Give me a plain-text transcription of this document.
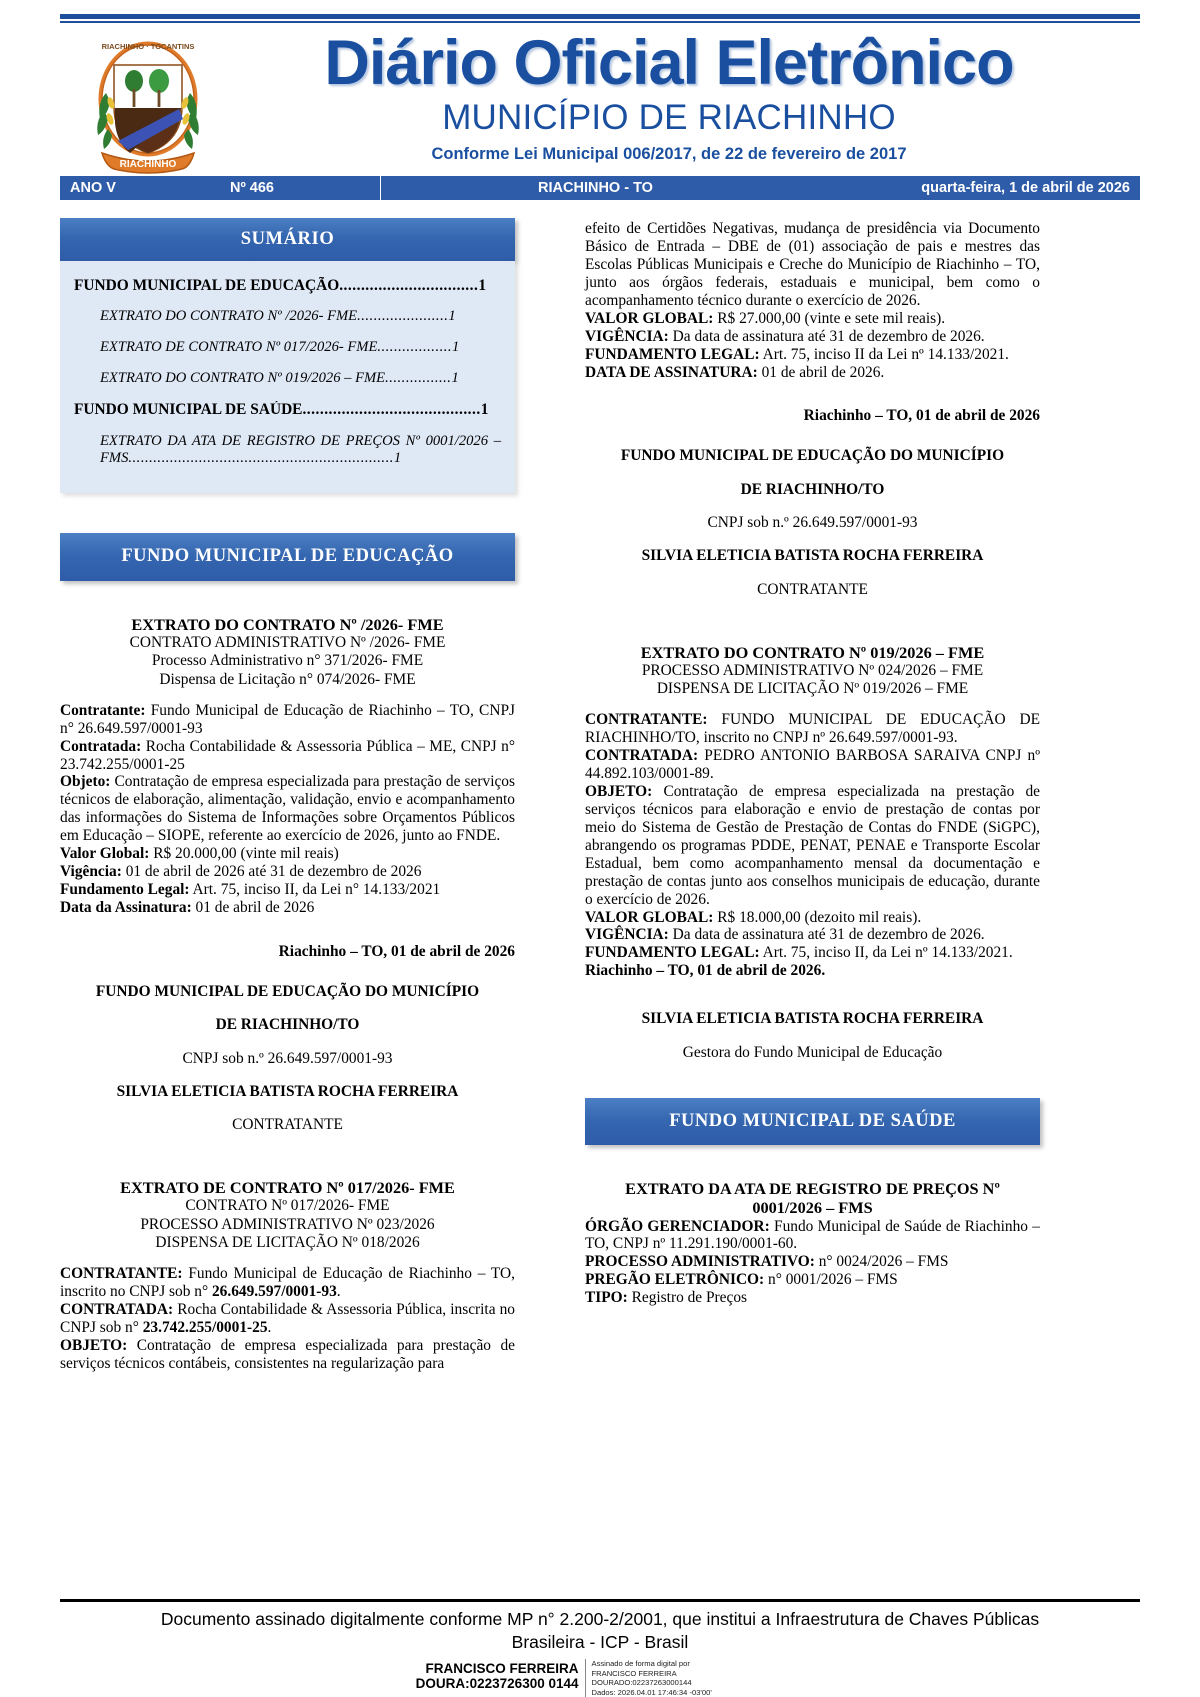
RIACHINHO
RIACHINHO · TOCANTINS	Diário Oficial Eletrônico
MUNICÍPIO DE RIACHINHO
Conforme Lei Municipal 006/2017, de 22 de fevereiro de 2017
ANO V	Nº 466	RIACHINHO - TO	quarta-feira, 1 de abril de 2026
SUMÁRIO
FUNDO MUNICIPAL DE EDUCAÇÃO................................1
EXTRATO DO CONTRATO Nº /2026- FME......................1
EXTRATO DE CONTRATO Nº 017/2026- FME..................1
EXTRATO DO CONTRATO Nº 019/2026 – FME................1
FUNDO MUNICIPAL DE SAÚDE.........................................1
EXTRATO DA ATA DE REGISTRO DE PREÇOS Nº 0001/2026 – FMS................................................................1
FUNDO MUNICIPAL DE EDUCAÇÃO
EXTRATO DO CONTRATO Nº /2026- FME

CONTRATO ADMINISTRATIVO Nº /2026- FME

Processo Administrativo n° 371/2026- FME

Dispensa de Licitação n° 074/2026- FME

Contratante: Fundo Municipal de Educação de Riachinho – TO, CNPJ n° 26.649.597/0001-93

Contratada: Rocha Contabilidade & Assessoria Pública – ME, CNPJ n° 23.742.255/0001-25

Objeto: Contratação de empresa especializada para prestação de serviços técnicos de elaboração, alimentação, validação, envio e acompanhamento das informações do Sistema de Informações sobre Orçamentos Públicos em Educação – SIOPE, referente ao exercício de 2026, junto ao FNDE.

Valor Global: R$ 20.000,00 (vinte mil reais)

Vigência: 01 de abril de 2026 até 31 de dezembro de 2026

Fundamento Legal: Art. 75, inciso II, da Lei n° 14.133/2021

Data da Assinatura: 01 de abril de 2026

Riachinho – TO, 01 de abril de 2026

FUNDO MUNICIPAL DE EDUCAÇÃO DO MUNICÍPIO

DE RIACHINHO/TO

CNPJ sob n.º 26.649.597/0001-93

SILVIA ELETICIA BATISTA ROCHA FERREIRA

CONTRATANTE

EXTRATO DE CONTRATO Nº 017/2026- FME

CONTRATO Nº 017/2026- FME

PROCESSO ADMINISTRATIVO Nº 023/2026

DISPENSA DE LICITAÇÃO Nº 018/2026

CONTRATANTE: Fundo Municipal de Educação de Riachinho – TO, inscrito no CNPJ sob n° 26.649.597/0001-93.

CONTRATADA: Rocha Contabilidade & Assessoria Pública, inscrita no CNPJ sob n° 23.742.255/0001-25.

OBJETO: Contratação de empresa especializada para prestação de serviços técnicos contábeis, consistentes na regularização para

efeito de Certidões Negativas, mudança de presidência via Documento Básico de Entrada – DBE de (01) associação de pais e mestres das Escolas Públicas Municipais e Creche do Município de Riachinho – TO, junto aos órgãos federais, estaduais e municipal, bem como o acompanhamento técnico durante o exercício de 2026.

VALOR GLOBAL: R$ 27.000,00 (vinte e sete mil reais).

VIGÊNCIA: Da data de assinatura até 31 de dezembro de 2026.

FUNDAMENTO LEGAL: Art. 75, inciso II da Lei nº 14.133/2021.

DATA DE ASSINATURA: 01 de abril de 2026.

Riachinho – TO, 01 de abril de 2026

FUNDO MUNICIPAL DE EDUCAÇÃO DO MUNICÍPIO

DE RIACHINHO/TO

CNPJ sob n.º 26.649.597/0001-93

SILVIA ELETICIA BATISTA ROCHA FERREIRA

CONTRATANTE

EXTRATO DO CONTRATO Nº 019/2026 – FME

PROCESSO ADMINISTRATIVO Nº 024/2026 – FME

DISPENSA DE LICITAÇÃO Nº 019/2026 – FME

CONTRATANTE: FUNDO MUNICIPAL DE EDUCAÇÃO DE RIACHINHO/TO, inscrito no CNPJ nº 26.649.597/0001-93.

CONTRATADA: PEDRO ANTONIO BARBOSA SARAIVA CNPJ nº 44.892.103/0001-89.

OBJETO: Contratação de empresa especializada na prestação de serviços técnicos para elaboração e envio de prestação de contas por meio do Sistema de Gestão de Prestação de Contas do FNDE (SiGPC), abrangendo os programas PDDE, PENAT, PENAE e Transporte Escolar Estadual, bem como acompanhamento mensal da documentação e prestação de contas junto aos conselhos municipais de educação, durante o exercício de 2026.

VALOR GLOBAL: R$ 18.000,00 (dezoito mil reais).

VIGÊNCIA: Da data de assinatura até 31 de dezembro de 2026.

FUNDAMENTO LEGAL: Art. 75, inciso II, da Lei nº 14.133/2021.

Riachinho – TO, 01 de abril de 2026.

SILVIA ELETICIA BATISTA ROCHA FERREIRA

Gestora do Fundo Municipal de Educação

FUNDO MUNICIPAL DE SAÚDE
EXTRATO DA ATA DE REGISTRO DE PREÇOS Nº
0001/2026 – FMS

ÓRGÃO GERENCIADOR: Fundo Municipal de Saúde de Riachinho – TO, CNPJ nº 11.291.190/0001-60.

PROCESSO ADMINISTRATIVO: n° 0024/2026 – FMS

PREGÃO ELETRÔNICO: n° 0001/2026 – FMS

TIPO: Registro de Preços

Documento assinado digitalmente conforme MP n° 2.200-2/2001, que institui a Infraestrutura de Chaves Públicas

Brasileira - ICP - Brasil

FRANCISCO FERREIRA DOURA:0223726300 0144
Assinado de forma digital por
FRANCISCO FERREIRA
DOURADO:02237263000144
Dados: 2026.04.01 17:46:34 -03'00'
